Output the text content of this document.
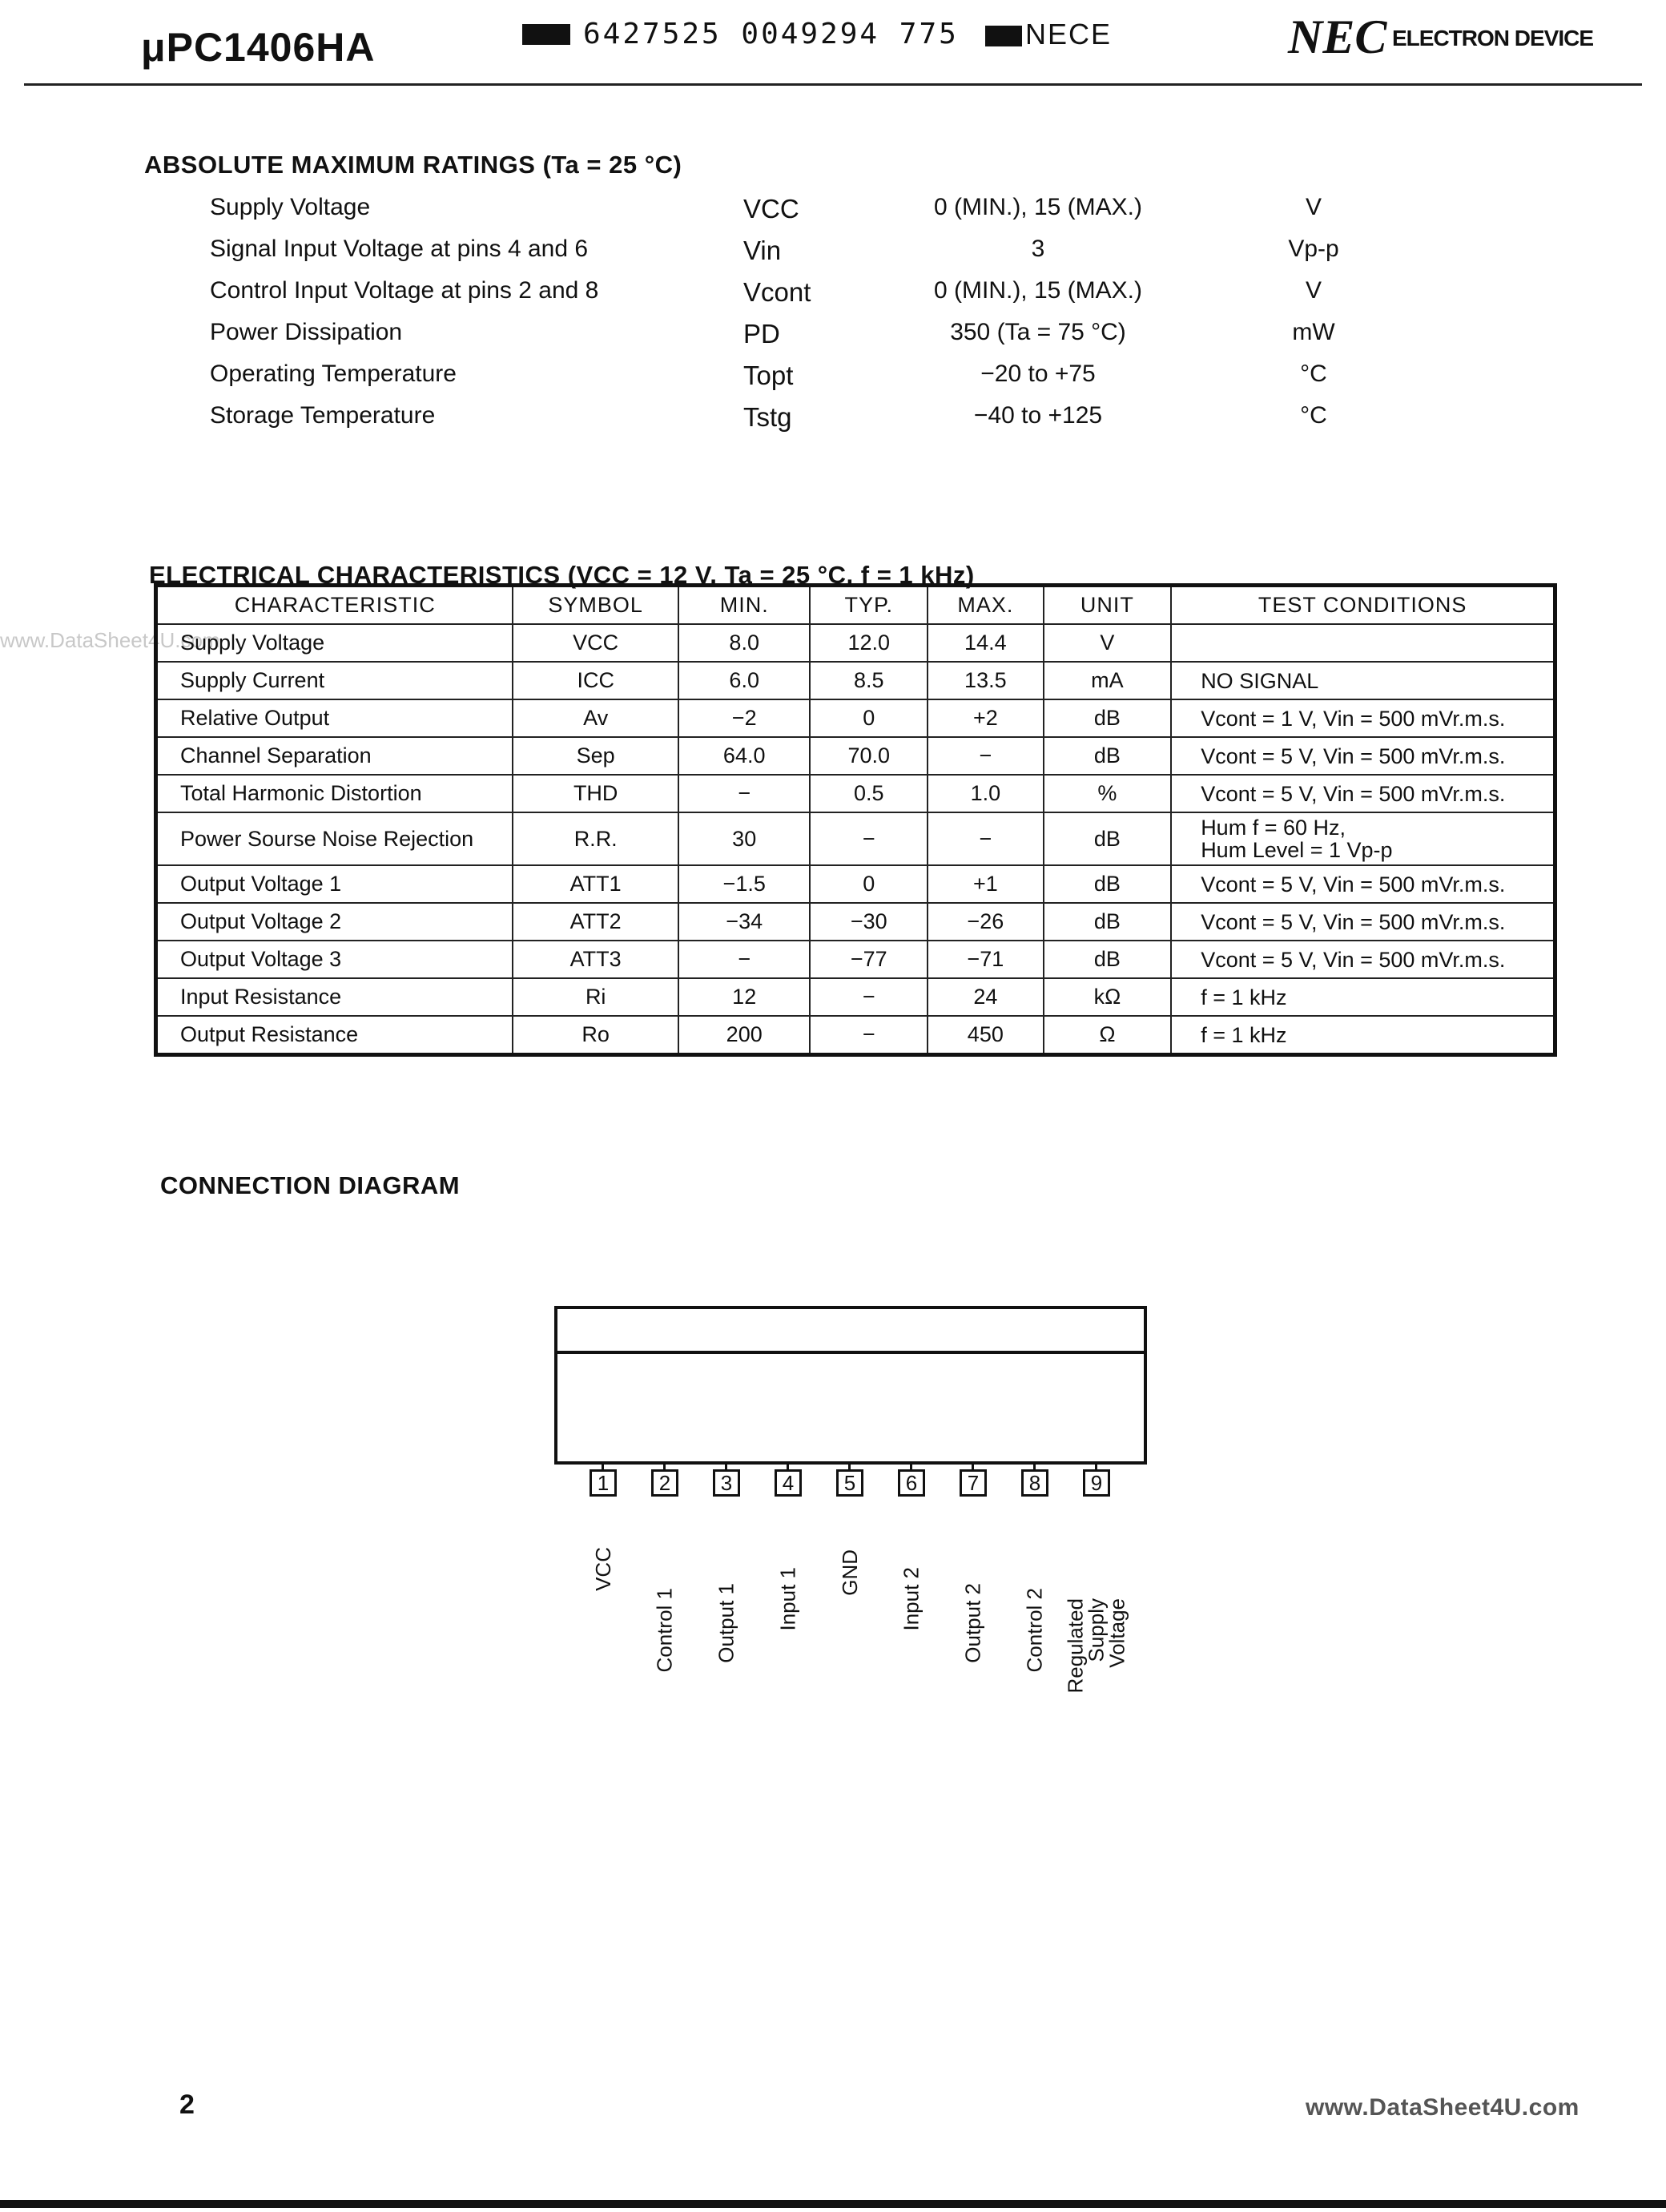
μPC1406HA	6427525 0049294 775 NECE	NEC ELECTRON DEVICE
www.DataSheet4U.com
ABSOLUTE MAXIMUM RATINGS (Ta = 25 °C)
Supply Voltage	VCC	0 (MIN.), 15 (MAX.)	V
Signal Input Voltage at pins 4 and 6	Vin	3	Vp-p
Control Input Voltage at pins 2 and 8	Vcont	0 (MIN.), 15 (MAX.)	V
Power Dissipation	PD	350 (Ta = 75 °C)	mW
Operating Temperature	Topt	−20 to +75	°C
Storage Temperature	Tstg	−40 to +125	°C
ELECTRICAL CHARACTERISTICS (VCC = 12 V, Ta = 25 °C, f = 1 kHz)
CHARACTERISTIC	SYMBOL	MIN.	TYP.	MAX.	UNIT	TEST CONDITIONS
Supply Voltage	VCC	8.0	12.0	14.4	V	
Supply Current	ICC	6.0	8.5	13.5	mA	NO SIGNAL

Relative Output	Av	−2	0	+2	dB	Vcont = 1 V, Vin = 500 mVr.m.s.

Channel Separation	Sep	64.0	70.0	−	dB	Vcont = 5 V, Vin = 500 mVr.m.s.

Total Harmonic Distortion	THD	−	0.5	1.0	%	Vcont = 5 V, Vin = 500 mVr.m.s.

Power Sourse Noise Rejection	R.R.	30	−	−	dB	Hum f = 60 Hz,
Hum Level = 1 Vp-p

Output Voltage 1	ATT1	−1.5	0	+1	dB	Vcont = 5 V, Vin = 500 mVr.m.s.

Output Voltage 2	ATT2	−34	−30	−26	dB	Vcont = 5 V, Vin = 500 mVr.m.s.

Output Voltage 3	ATT3	−	−77	−71	dB	Vcont = 5 V, Vin = 500 mVr.m.s.

Input Resistance	Ri	12	−	24	kΩ	f = 1 kHz

Output Resistance	Ro	200	−	450	Ω	f = 1 kHz
CONNECTION DIAGRAM
1
VCC
2
Control 1
3
Output 1
4
Input 1
5
GND
6
Input 2
7
Output 2
8
Control 2
9
Regulated
Supply
Voltage
2	www.DataSheet4U.com
